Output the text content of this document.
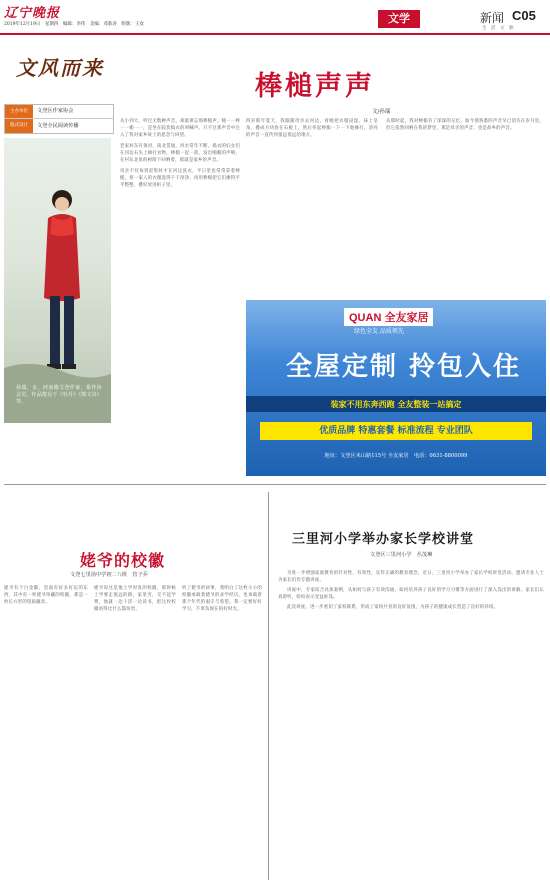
辽宁晚报
2019年12月19日　星期四　编辑：李伟　美编：邓新涛　组版：王欢	文学	新闻 C05
生　活　文　脉
文风而来
主办单位	文登区作家协会
版式设计	文登全民阅读传播
孙瑞，女，河南籍文登作家，系作协会员，作品散见于《牡丹》《散文诗》等。
棒槌声声
文/孙瑞

从小到大，听过无数种声音，却最难忘那棒槌声。槌一一棒一一槌一一，是坐在院坎捣衣的叫喊声。只不过那声音中注入了我对家乡故土的思念与回望。

老家村东有条河，南北贯通，河水常年不断。捣衣的妇女们在河边石头上捶打衣物，棒槌一起一落，发出啪啪的声响，在村东北角的树荫下回响着，那就是家乡的声音。

母亲不仅每到赶集时才在河边洗衣，平日里也常常拿着棒槌，将一家人的衣服洗得干干净净，再用棒槌把它们捶得平平整整，叠好放进柜子里。

四岁那年夏天，我跟随母亲去河边，看她把衣服浸湿，抹上皂角，叠成方块放在石板上，然后举起棒槌一下一下地捶打，清亮的声音一直传到很远很远的地方。

从那时起，我对棒槌有了深深的记忆。如今那熟悉的声音早已消失在岁月里，但它依然回响在我的梦里，那是母亲的声音，也是故乡的声音。

QUAN 全友家居
绿色全友 品质领先
全屋定制 拎包入住
装家不用东奔西跑 全友整装一站搞定
优质品牌 特惠套餐 标准流程 专业团队
地址：文登区米山路115号 全友家居　电话：0631-8800099
姥爷的校徽
文登七里汤中学初二八班　管子乔

姥爷有个白金徽，里面有好多好玩的东西，其中有一枚姥爷珍藏的校徽，那是一枚长方形的铝质徽章。

姥爷说这是他上学时发的校徽，那时候上学要走很远的路，家里穷，交不起学费，他就一边干活一边读书，把这枚校徽看得比什么都珍贵。

听了姥爷的故事，我明白了这枚小小的校徽承载着姥爷的求学经历，也承载着那个年代的艰辛与希望。我一定要好好学习，不辜负现在的好时光。

三里河小学举办家长学校讲堂
文登区三里河小学　丛茂琳

为进一步增强家庭教育的针对性，有效性，宣传正确的教育理念，近日，三里河小学举办了家长学校讲堂活动，邀请专业人士为家长们作专题讲座。

讲座中，专家结合具体案例，从如何与孩子有效沟通、如何培养孩子良好的学习习惯等方面进行了深入浅出的讲解，家长们认真聆听，纷纷表示受益匪浅。

此次讲座，进一步密切了家校联系，形成了家校共育的良好氛围，为孩子的健康成长营造了良好的环境。
